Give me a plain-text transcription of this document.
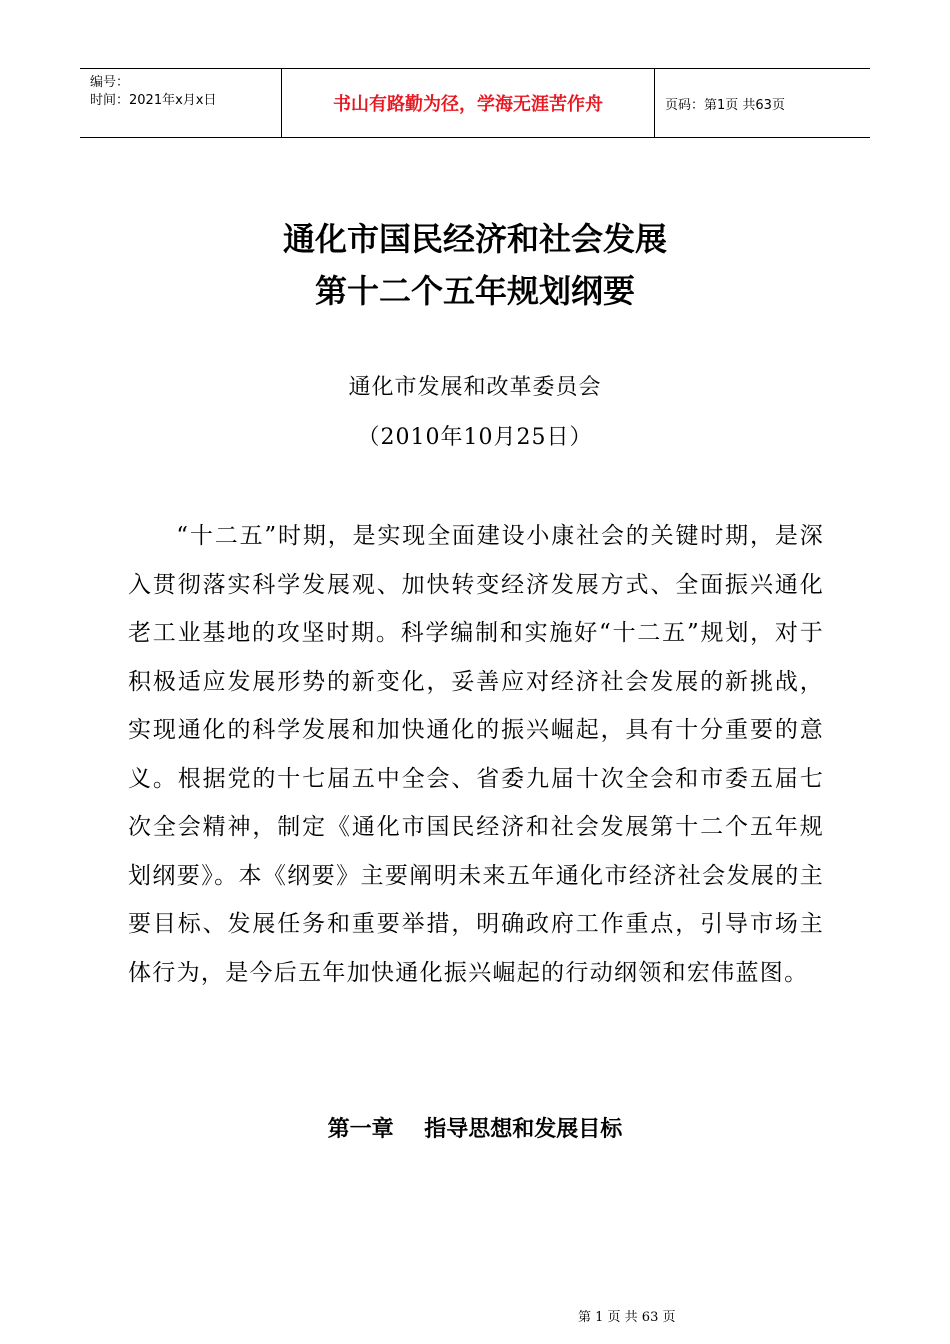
编号：
时间：2021年x月x日	书山有路勤为径，学海无涯苦作舟	页码：第1页 共63页
通化市国民经济和社会发展
第十二个五年规划纲要
通化市发展和改革委员会
（2010年10月25日）

“十二五”时期，是实现全面建设小康社会的关键时期，是深入贯彻落实科学发展观、加快转变经济发展方式、全面振兴通化老工业基地的攻坚时期。科学编制和实施好“十二五”规划，对于积极适应发展形势的新变化，妥善应对经济社会发展的新挑战，实现通化的科学发展和加快通化的振兴崛起，具有十分重要的意义。根据党的十七届五中全会、省委九届十次全会和市委五届七次全会精神，制定《通化市国民经济和社会发展第十二个五年规划纲要》。本《纲要》主要阐明未来五年通化市经济社会发展的主要目标、发展任务和重要举措，明确政府工作重点，引导市场主体行为，是今后五年加快通化振兴崛起的行动纲领和宏伟蓝图。

第一章    指导思想和发展目标
第 1 页 共 63 页
